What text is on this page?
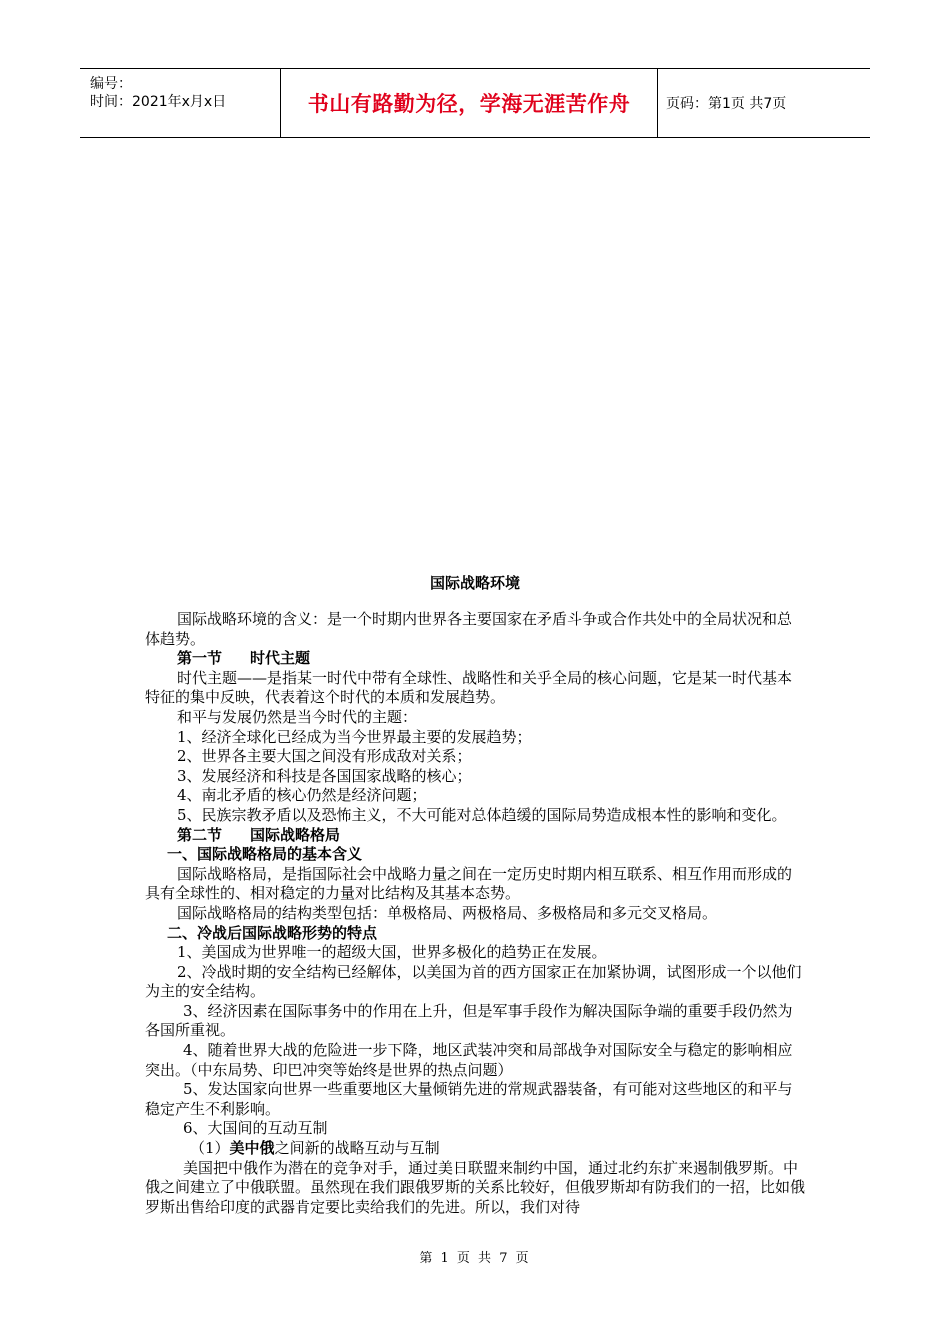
编号：
时间：2021年x月x日	书山有路勤为径，学海无涯苦作舟	页码：第1页 共7页
国际战略环境

国际战略环境的含义：是一个时期内世界各主要国家在矛盾斗争或合作共处中的全局状况和总体趋势。

第一节 时代主题

时代主题——是指某一时代中带有全球性、战略性和关乎全局的核心问题，它是某一时代基本特征的集中反映，代表着这个时代的本质和发展趋势。

和平与发展仍然是当今时代的主题：

1、经济全球化已经成为当今世界最主要的发展趋势；

2、世界各主要大国之间没有形成敌对关系；

3、发展经济和科技是各国国家战略的核心；

4、南北矛盾的核心仍然是经济问题；

5、民族宗教矛盾以及恐怖主义，不大可能对总体趋缓的国际局势造成根本性的影响和变化。

第二节 国际战略格局

一、国际战略格局的基本含义

国际战略格局，是指国际社会中战略力量之间在一定历史时期内相互联系、相互作用而形成的具有全球性的、相对稳定的力量对比结构及其基本态势。

国际战略格局的结构类型包括：单极格局、两极格局、多极格局和多元交叉格局。

二、冷战后国际战略形势的特点

1、美国成为世界唯一的超级大国，世界多极化的趋势正在发展。

2、冷战时期的安全结构已经解体，以美国为首的西方国家正在加紧协调，试图形成一个以他们为主的安全结构。

3、经济因素在国际事务中的作用在上升，但是军事手段作为解决国际争端的重要手段仍然为各国所重视。

4、随着世界大战的危险进一步下降，地区武装冲突和局部战争对国际安全与稳定的影响相应突出。（中东局势、印巴冲突等始终是世界的热点问题）

5、发达国家向世界一些重要地区大量倾销先进的常规武器装备，有可能对这些地区的和平与稳定产生不利影响。

6、大国间的互动互制

（1）美中俄之间新的战略互动与互制

美国把中俄作为潜在的竞争对手，通过美日联盟来制约中国，通过北约东扩来遏制俄罗斯。中俄之间建立了中俄联盟。虽然现在我们跟俄罗斯的关系比较好，但俄罗斯却有防我们的一招，比如俄罗斯出售给印度的武器肯定要比卖给我们的先进。所以，我们对待

第 1 页 共 7 页
